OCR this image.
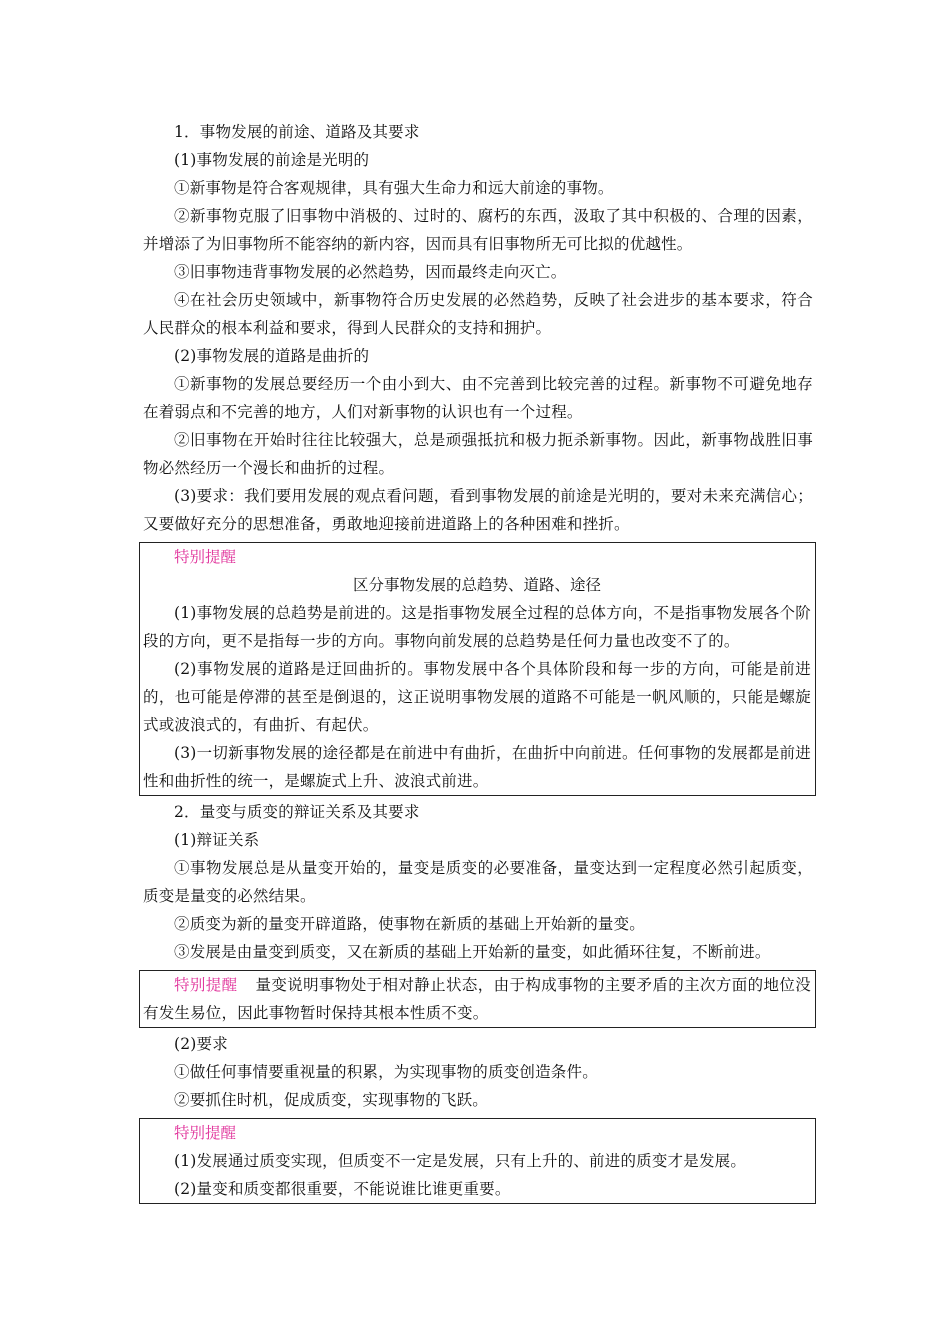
1．事物发展的前途、道路及其要求

(1)事物发展的前途是光明的

①新事物是符合客观规律，具有强大生命力和远大前途的事物。

②新事物克服了旧事物中消极的、过时的、腐朽的东西，汲取了其中积极的、合理的因素，并增添了为旧事物所不能容纳的新内容，因而具有旧事物所无可比拟的优越性。

③旧事物违背事物发展的必然趋势，因而最终走向灭亡。

④在社会历史领域中，新事物符合历史发展的必然趋势，反映了社会进步的基本要求，符合人民群众的根本利益和要求，得到人民群众的支持和拥护。

(2)事物发展的道路是曲折的

①新事物的发展总要经历一个由小到大、由不完善到比较完善的过程。新事物不可避免地存在着弱点和不完善的地方，人们对新事物的认识也有一个过程。

②旧事物在开始时往往比较强大，总是顽强抵抗和极力扼杀新事物。因此，新事物战胜旧事物必然经历一个漫长和曲折的过程。

(3)要求：我们要用发展的观点看问题，看到事物发展的前途是光明的，要对未来充满信心；又要做好充分的思想准备，勇敢地迎接前进道路上的各种困难和挫折。

特别提醒

区分事物发展的总趋势、道路、途径

(1)事物发展的总趋势是前进的。这是指事物发展全过程的总体方向，不是指事物发展各个阶段的方向，更不是指每一步的方向。事物向前发展的总趋势是任何力量也改变不了的。

(2)事物发展的道路是迂回曲折的。事物发展中各个具体阶段和每一步的方向，可能是前进的，也可能是停滞的甚至是倒退的，这正说明事物发展的道路不可能是一帆风顺的，只能是螺旋式或波浪式的，有曲折、有起伏。

(3)一切新事物发展的途径都是在前进中有曲折，在曲折中向前进。任何事物的发展都是前进性和曲折性的统一，是螺旋式上升、波浪式前进。

2．量变与质变的辩证关系及其要求

(1)辩证关系

①事物发展总是从量变开始的，量变是质变的必要准备，量变达到一定程度必然引起质变，质变是量变的必然结果。

②质变为新的量变开辟道路，使事物在新质的基础上开始新的量变。

③发展是由量变到质变，又在新质的基础上开始新的量变，如此循环往复，不断前进。

特别提醒 量变说明事物处于相对静止状态，由于构成事物的主要矛盾的主次方面的地位没有发生易位，因此事物暂时保持其根本性质不变。

(2)要求

①做任何事情要重视量的积累，为实现事物的质变创造条件。

②要抓住时机，促成质变，实现事物的飞跃。

特别提醒

(1)发展通过质变实现，但质变不一定是发展，只有上升的、前进的质变才是发展。

(2)量变和质变都很重要，不能说谁比谁更重要。
